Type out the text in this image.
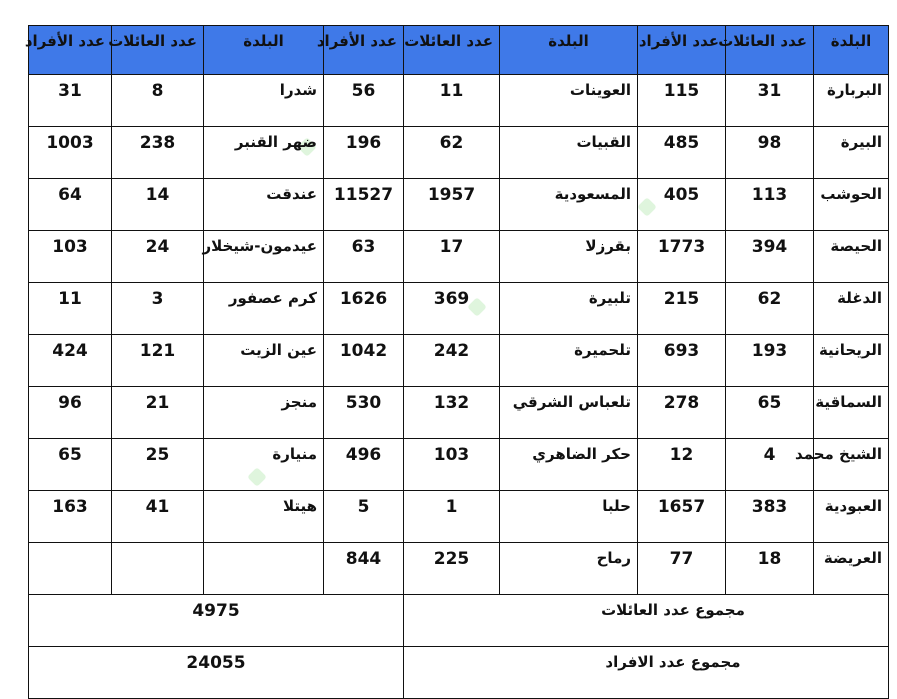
البلدة	عدد العائلات	عدد الأفراد	البلدة	عدد العائلات	عدد الأفراد	البلدة	عدد العائلات	عدد الأفراد
البربارة	31	115	العوينات	11	56	شدرا	8	31
البيرة	98	485	القبيات	62	196	ضهر القنبر	238	1003
الحوشب	113	405	المسعودية	1957	11527	عندقت	14	64
الحيصة	394	1773	بقرزلا	17	63	عيدمون-شيخلار	24	103
الدغلة	62	215	تلبيرة	369	1626	كرم عصفور	3	11
الريحانية	193	693	تلحميرة	242	1042	عين الزيت	121	424
السماقية	65	278	تلعباس الشرقي	132	530	منجز	21	96
الشيخ محمد	4	12	حكر الضاهري	103	496	منيارة	25	65
العبودية	383	1657	حلبا	1	5	هيتلا	41	163
العريضة	18	77	رماح	225	844			
مجموع عدد العائلات					4975			
مجموع عدد الافراد					24055			
